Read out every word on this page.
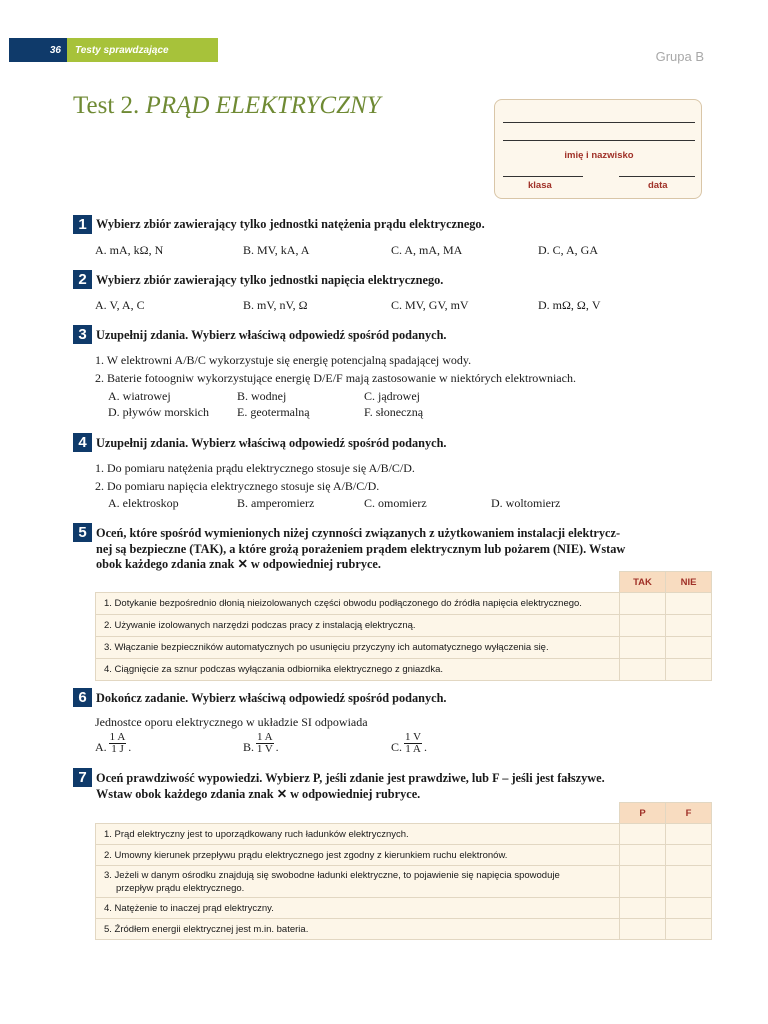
36	Testy sprawdzające	Grupa B
Test 2. PRĄD ELEKTRYCZNY
imię i nazwisko
klasa	data
1 Wybierz zbiór zawierający tylko jednostki natężenia prądu elektrycznego.
A. mA, kΩ, N	B. MV, kA, A	C. A, mA, MA	D. C, A, GA
2 Wybierz zbiór zawierający tylko jednostki napięcia elektrycznego.
A. V, A, C	B. mV, nV, Ω	C. MV, GV, mV	D. mΩ, Ω, V
3 Uzupełnij zdania. Wybierz właściwą odpowiedź spośród podanych.
1. W elektrowni A/B/C wykorzystuje się energię potencjalną spadającej wody.
2. Baterie fotoogniw wykorzystujące energię D/E/F mają zastosowanie w niektórych elektrowniach.
A. wiatrowej	B. wodnej	C. jądrowej
D. pływów morskich E. geotermalną	F. słoneczną
4 Uzupełnij zdania. Wybierz właściwą odpowiedź spośród podanych.
1. Do pomiaru natężenia prądu elektrycznego stosuje się A/B/C/D.
2. Do pomiaru napięcia elektrycznego stosuje się A/B/C/D.
A. elektroskop	B. amperomierz	C. omomierz	D. woltomierz
5 Oceń, które spośród wymienionych niżej czynności związanych z użytkowaniem instalacji elektrycz-
nej są bezpieczne (TAK), a które grożą porażeniem prądem elektrycznym lub pożarem (NIE). Wstaw
obok każdego zdania znak ✕ w odpowiedniej rubryce.
	TAK	NIE
1. Dotykanie bezpośrednio dłonią nieizolowanych części obwodu podłączonego do źródła napięcia elektrycznego.		
2. Używanie izolowanych narzędzi podczas pracy z instalacją elektryczną.		
3. Włączanie bezpieczników automatycznych po usunięciu przyczyny ich automatycznego wyłączenia się.		
4. Ciągnięcie za sznur podczas wyłączania odbiornika elektrycznego z gniazdka.		
6 Dokończ zadanie. Wybierz właściwą odpowiedź spośród podanych.
Jednostce oporu elektrycznego w układzie SI odpowiada
A. $\frac{1 A}{1 J}$ .	B. $\frac{1 A}{1 V}$ .	C. $\frac{1 V}{1 A}$ .
7 Oceń prawdziwość wypowiedzi. Wybierz P, jeśli zdanie jest prawdziwe, lub F – jeśli jest fałszywe.
Wstaw obok każdego zdania znak ✕ w odpowiedniej rubryce.
	P	F
1. Prąd elektryczny jest to uporządkowany ruch ładunków elektrycznych.		
2. Umowny kierunek przepływu prądu elektrycznego jest zgodny z kierunkiem ruchu elektronów.		

3. Jeżeli w danym ośrodku znajdują się swobodne ładunki elektryczne, to pojawienie się napięcia spowoduje
przepływ prądu elektrycznego.		

4. Natężenie to inaczej prąd elektryczny.		
5. Źródłem energii elektrycznej jest m.in. bateria.		
